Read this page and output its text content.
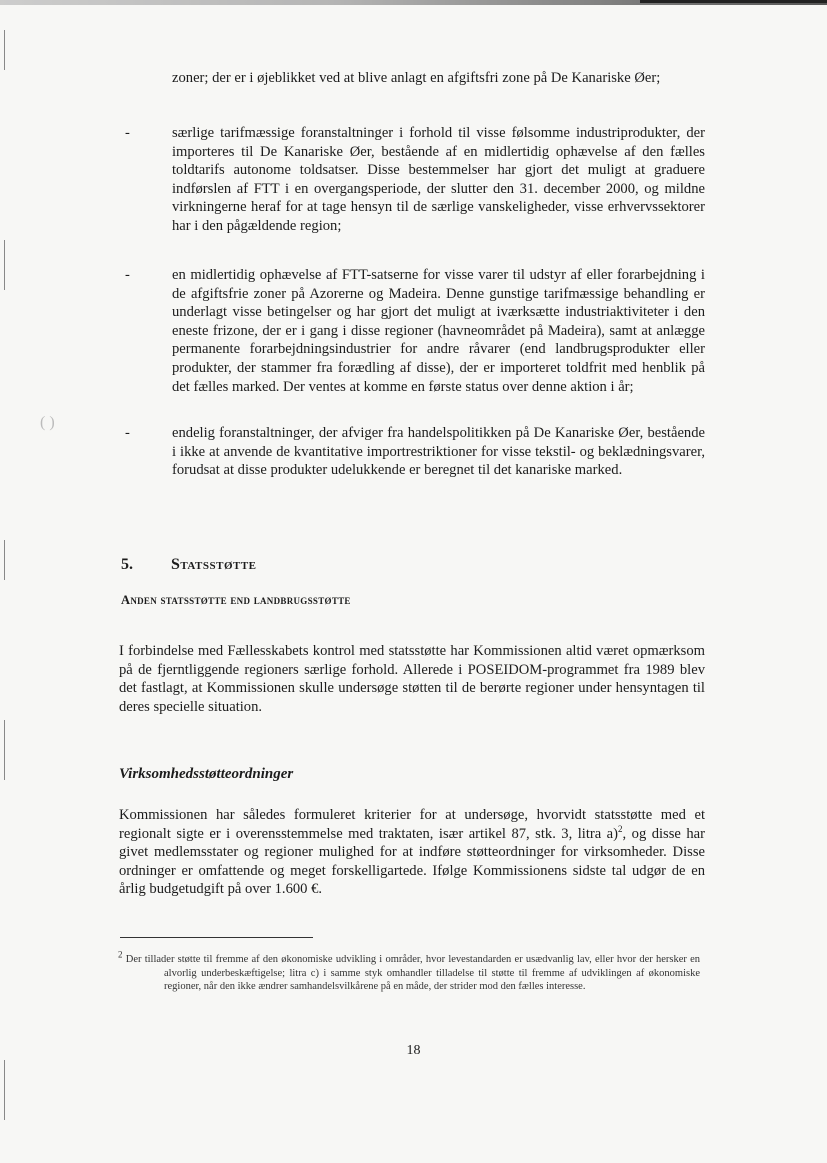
( )

zoner; der er i øjeblikket ved at blive anlagt en afgiftsfri zone på De Kanariske Øer;

-	særlige tarifmæssige foranstaltninger i forhold til visse følsomme industriprodukter, der importeres til De Kanariske Øer, bestående af en midlertidig ophævelse af den fælles toldtarifs autonome toldsatser. Disse bestemmelser har gjort det muligt at graduere indførslen af FTT i en overgangsperiode, der slutter den 31. december 2000, og mildne virkningerne heraf for at tage hensyn til de særlige vanskeligheder, visse erhvervssektorer har i den pågældende region;

-	en midlertidig ophævelse af FTT-satserne for visse varer til udstyr af eller forarbejdning i de afgiftsfrie zoner på Azorerne og Madeira. Denne gunstige tarifmæssige behandling er underlagt visse betingelser og har gjort det muligt at iværksætte industriaktiviteter i den eneste frizone, der er i gang i disse regioner (havneområdet på Madeira), samt at anlægge permanente forarbejdningsindustrier for andre råvarer (end landbrugsprodukter eller produkter, der stammer fra forædling af disse), der er importeret toldfrit med henblik på det fælles marked. Der ventes at komme en første status over denne aktion i år;

-	endelig foranstaltninger, der afviger fra handelspolitikken på De Kanariske Øer, bestående i ikke at anvende de kvantitative importrestriktioner for visse tekstil- og beklædningsvarer, forudsat at disse produkter udelukkende er beregnet til det kanariske marked.

5. Statsstøtte
Anden statsstøtte end landbrugsstøtte

I forbindelse med Fællesskabets kontrol med statsstøtte har Kommissionen altid været opmærksom på de fjerntliggende regioners særlige forhold. Allerede i POSEIDOM-programmet fra 1989 blev det fastlagt, at Kommissionen skulle undersøge støtten til de berørte regioner under hensyntagen til deres specielle situation.

Virksomhedsstøtteordninger

Kommissionen har således formuleret kriterier for at undersøge, hvorvidt statsstøtte med et regionalt sigte er i overensstemmelse med traktaten, især artikel 87, stk. 3, litra a)$^2$, og disse har givet medlemsstater og regioner mulighed for at indføre støtteordninger for virksomheder. Disse ordninger er omfattende og meget forskelligartede. Ifølge Kommissionens sidste tal udgør de en årlig budgetudgift på over 1.600 €.

$^2$ Der tillader støtte til fremme af den økonomiske udvikling i områder, hvor levestandarden er usædvanlig lav, eller hvor der hersker en alvorlig underbeskæftigelse; litra c) i samme styk omhandler tilladelse til støtte til fremme af udviklingen af økonomiske regioner, når den ikke ændrer samhandelsvilkårene på en måde, der strider mod den fælles interesse.

18
